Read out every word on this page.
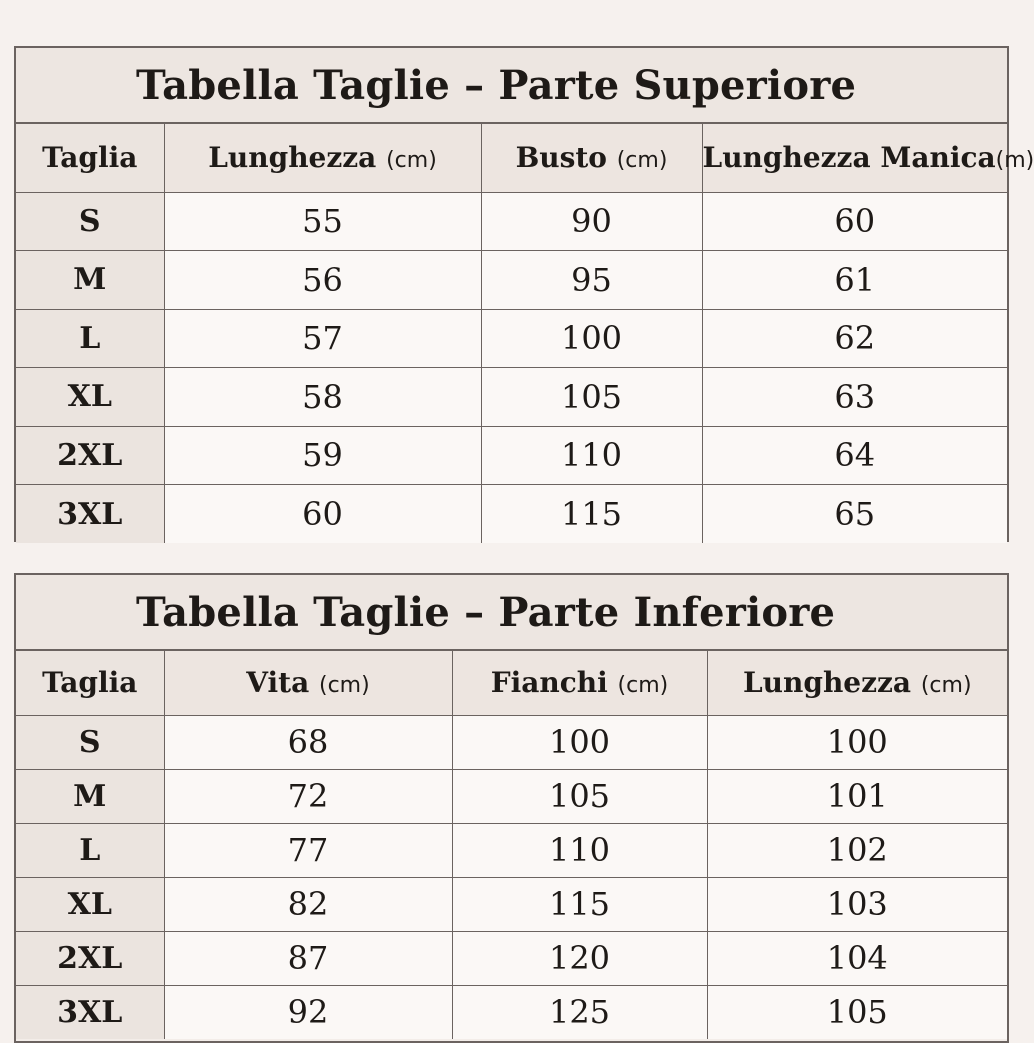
Tabella Taglie – Parte Superiore
Taglia	Lunghezza (cm)	Busto (cm)	Lunghezza Manica(m)
S	55	90	60
M	56	95	61
L	57	100	62
XL	58	105	63
2XL	59	110	64
3XL	60	115	65
Tabella Taglie – Parte Inferiore
Taglia	Vita (cm)	Fianchi (cm)	Lunghezza (cm)
S	68	100	100
M	72	105	101
L	77	110	102
XL	82	115	103
2XL	87	120	104
3XL	92	125	105
